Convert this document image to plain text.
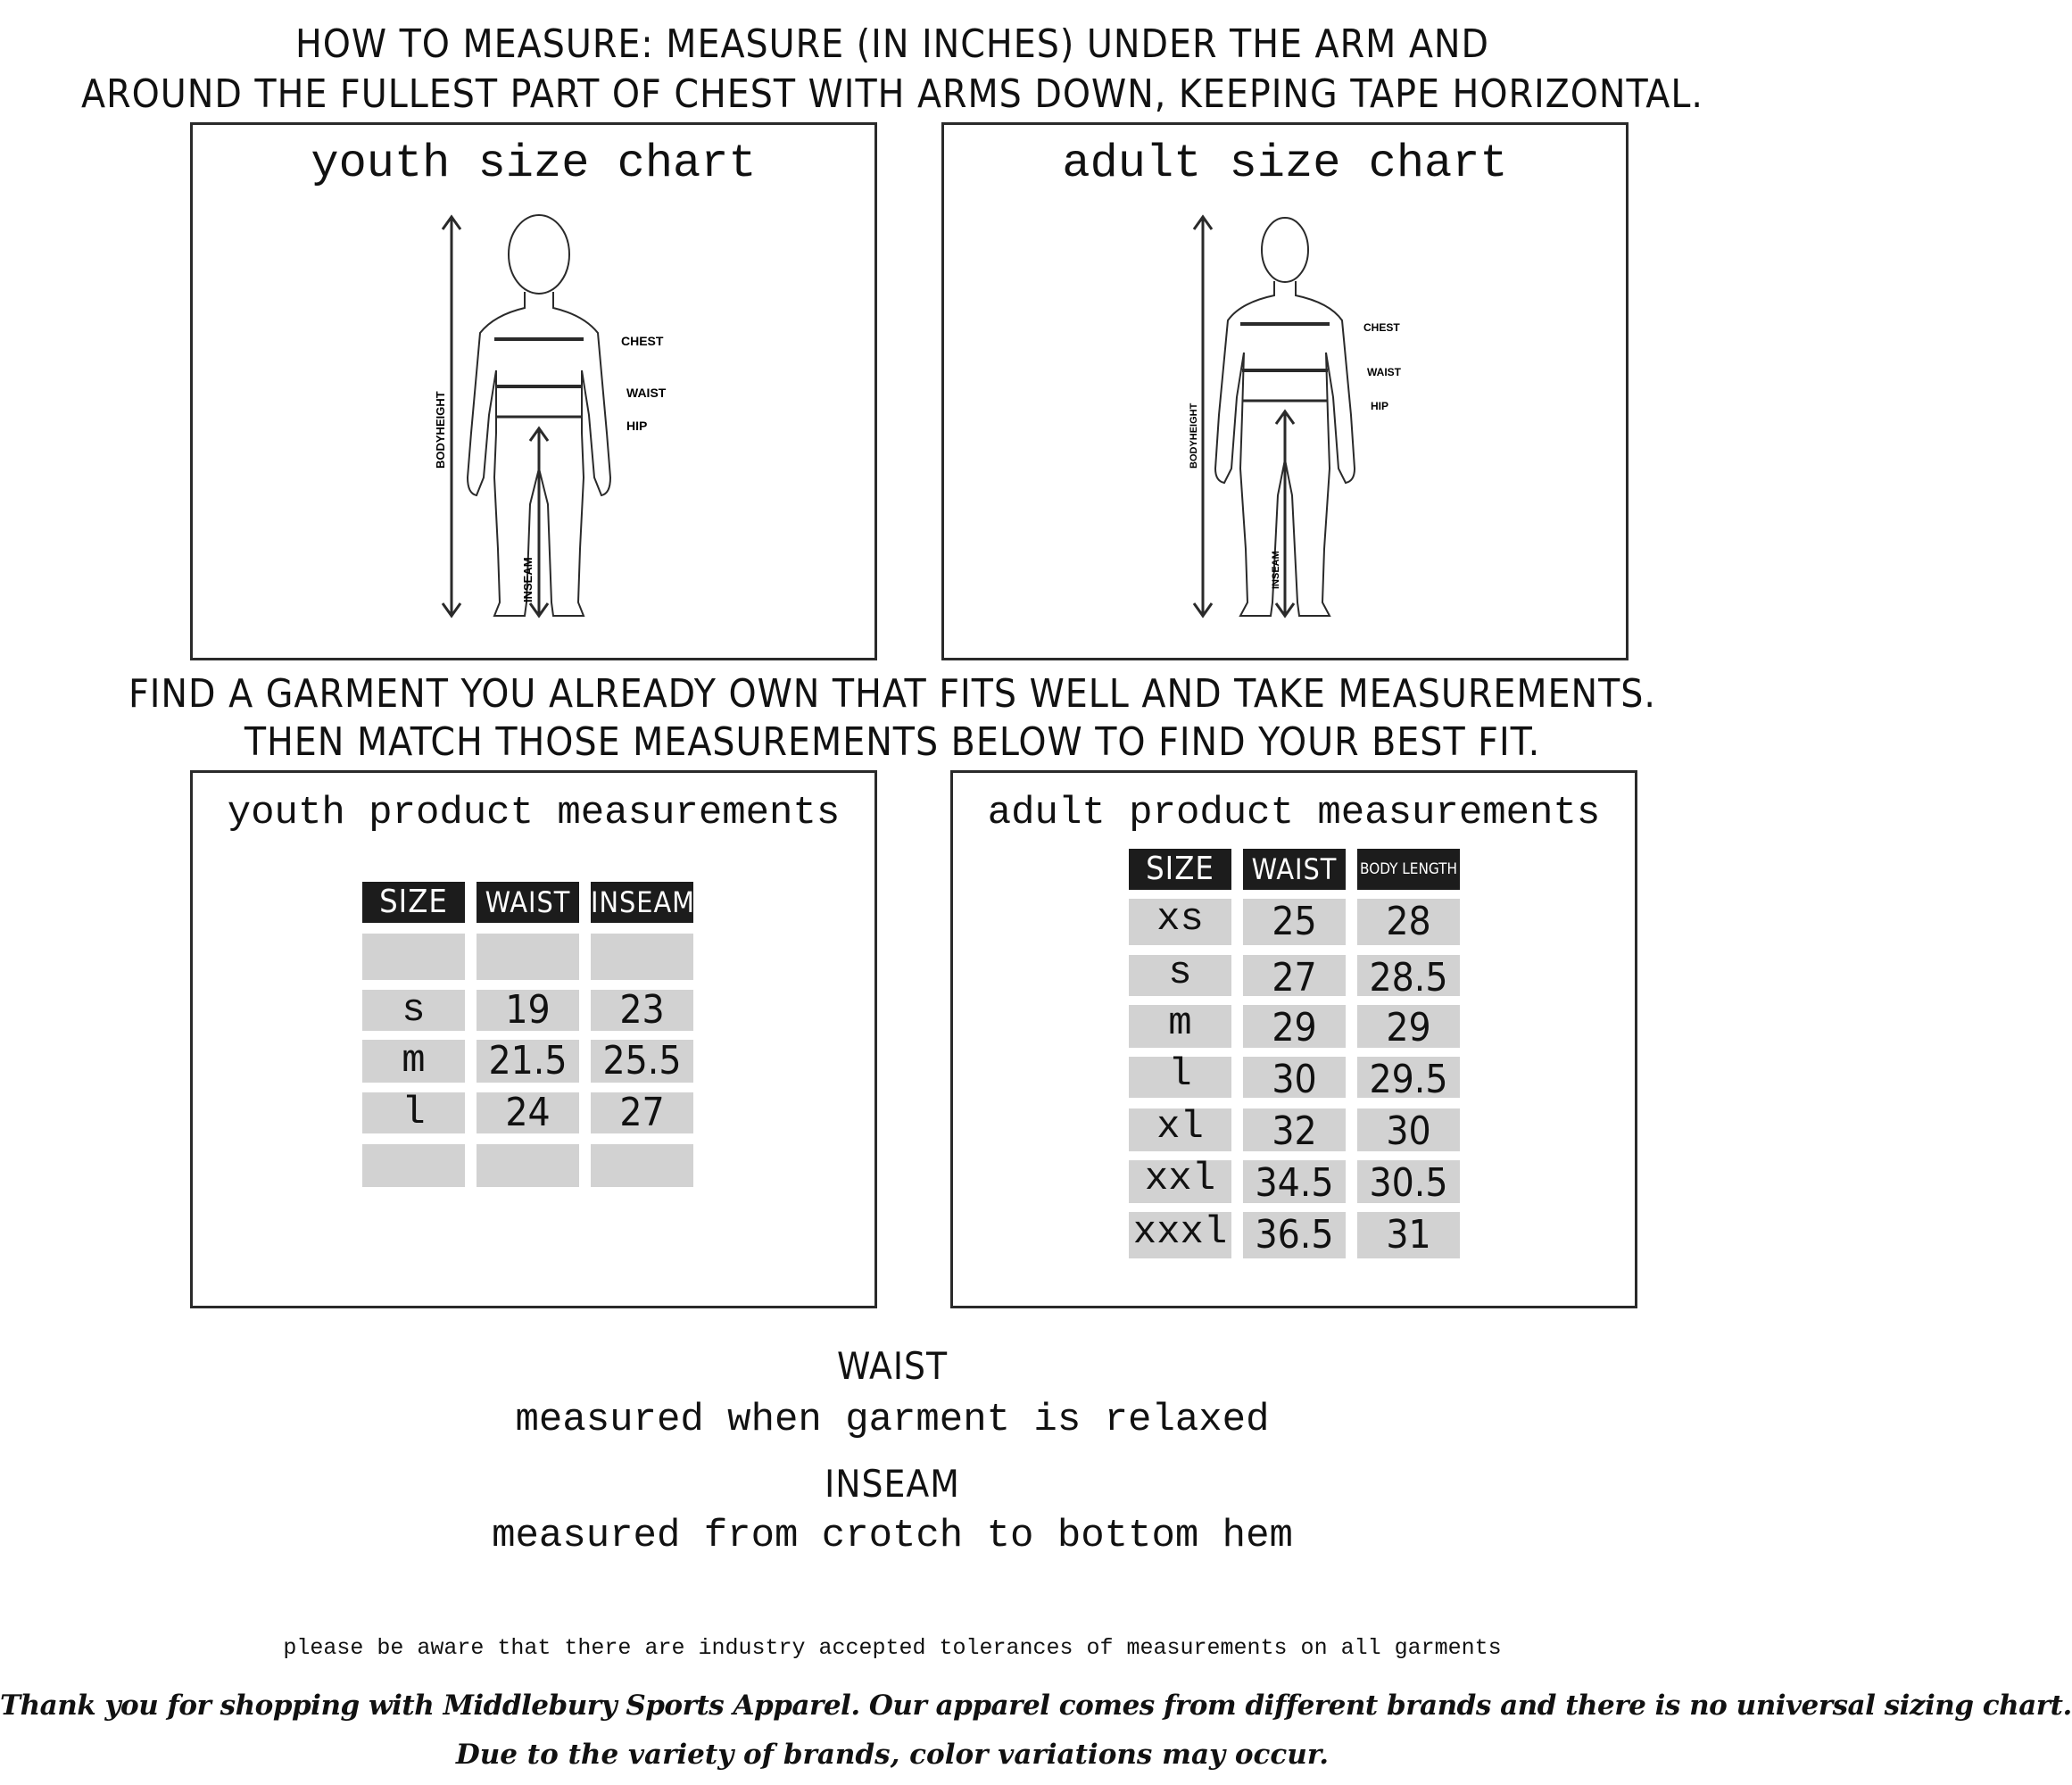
HOW TO MEASURE: MEASURE (IN INCHES) UNDER THE ARM AND
AROUND THE FULLEST PART OF CHEST WITH ARMS DOWN, KEEPING TAPE HORIZONTAL.
youth size chart
CHEST
WAIST
HIP
BODYHEIGHT
INSEAM
adult size chart
CHEST
WAIST
HIP
BODYHEIGHT
INSEAM
FIND A GARMENT YOU ALREADY OWN THAT FITS WELL AND TAKE MEASUREMENTS.
THEN MATCH THOSE MEASUREMENTS BELOW TO FIND YOUR BEST FIT.
youth product measurements
SIZE	WAIST INSEAM
s	19	23
m	21.5 25.5
l	24	27
adult product measurements
SIZE	WAIST	BODY LENGTH
xs	25	28
s	27	28.5
m	29	29
l	30	29.5
xl	32	30
xxl	34.5 30.5
xxxl 36.5	31
WAIST
measured when garment is relaxed
INSEAM
measured from crotch to bottom hem
please be aware that there are industry accepted tolerances of measurements on all garments
Thank you for shopping with Middlebury Sports Apparel. Our apparel comes from different brands and there is no universal sizing chart.
Due to the variety of brands, color variations may occur.
